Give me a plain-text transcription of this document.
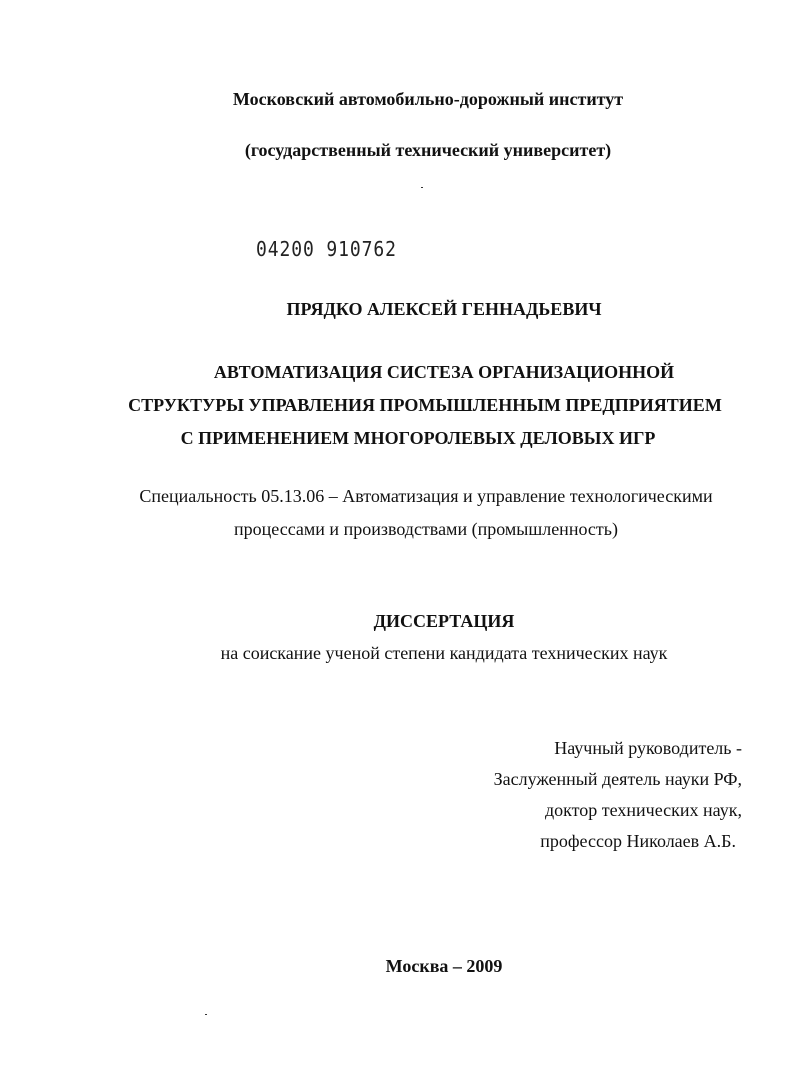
Московский автомобильно-дорожный институт
(государственный технический университет)
04200 910762
ПРЯДКО АЛЕКСЕЙ ГЕННАДЬЕВИЧ
АВТОМАТИЗАЦИЯ СИСТЕЗА ОРГАНИЗАЦИОННОЙ
СТРУКТУРЫ УПРАВЛЕНИЯ ПРОМЫШЛЕННЫМ ПРЕДПРИЯТИЕМ
С ПРИМЕНЕНИЕМ МНОГОРОЛЕВЫХ ДЕЛОВЫХ ИГР
Специальность 05.13.06 – Автоматизация и управление технологическими
процессами и производствами (промышленность)
ДИССЕРТАЦИЯ
на соискание ученой степени кандидата технических наук
Научный руководитель -
Заслуженный деятель науки РФ,
доктор технических наук,
профессор Николаев А.Б.
Москва – 2009
